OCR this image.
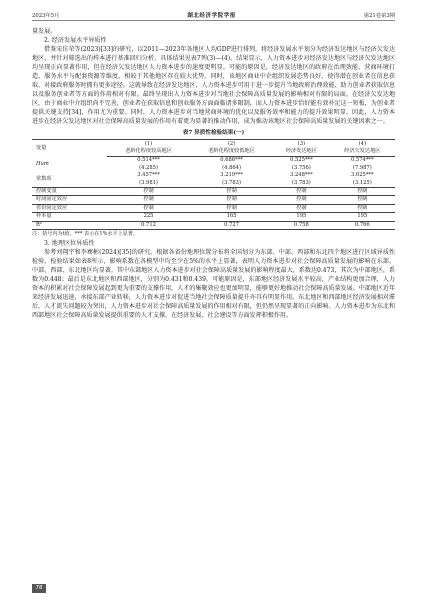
2023年5月	湖北经济学院学报	第21卷第3期

量发展。

2. 经济发展水平异质性

借鉴宋佳荣等(2023)[33]的研究，以2011—2023年各地区人均GDP进行排列，将经济发展水平划分为经济发达地区与经济欠发达地区，并针对筛选出的样本进行基准回归分析，具体结果见表7列(3)—(4)。结果显示，人力资本进步对经济发达地区与经济欠发达地区均呈现正向显著作用，但在经济欠发达地区人力资本进步的速度更明显。可能的原因是，经济发达地区的政府在治理效能、营商环境打造、服务水平与配套资源等维度，相较于其他地区存在较大优势。同时，该地区商业中企组织发展态势良好，使得潜在创业者在信息获取、对接政府服务时拥有更多途径。这就导致在经济发达地区，人力资本进步可用于进一步提升当地政府治理效能、助力创业者获取信息以及服务创业者等方面的作用相对有限。最终呈现出人力资本进步对当地社会保障高质量发展的影响相对有限的局面。在经济欠发达地区，由于商业中介组织尚不完善，创业者在获取信息和创业服务方面面临诸多限制，而人力资本进步恰好能有效补足这一短板，为创业者提供关键支持[34]，作用尤为重要。同时，人力资本进步对当地营商环境的优化以及服务效率和能力的提升效果明显。因此，人力资本进步在经济欠发达地区对社会保障高质量发展的作用有着更为显著的推动作用，成为推动该地区社会保障高质量发展的关键因素之一。

表7 异质性检验结果(一)
变量	(1)	(2)	(3)	(4)
	老龄化程度较高地区	老龄化程度较低地区	经济发达地区	经济欠发达地区
Hum	0.514***	0.686***	0.525***	0.574***
	(4.285)	(4.864)	(3.756)	(7.987)
常数项	3.457***	3.219***	3.248***	3.025***
	(3.981)	(3.783)	(3.783)	(3.125)
控制变量	控制	控制	控制	控制
时间固定效应	控制	控制	控制	控制
省份固定效应	控制	控制	控制	控制
样本量	225	165	195	195
R²	0.712	0.727	0.758	0.766
注：括号内为t值，*** 表示在1%水平上显著。
3. 地理区位异质性

参考刘翔宇和李骞彬(2024)[35]的研究，根据各省份地理位置分布将全国划分为东部、中部、西部和东北四个地区进行区域异质性检验。检验结果如表8所示，影响系数在各模型中均至少在5%的水平上显著，表明人力资本进步对社会保障高质量发展的影响在东部、中部、西部、东北地区均显著。其中东部地区人力资本进步对社会保障高质量发展的影响程度最大，系数达0.473，其次为中部地区，系数为0.448；最后是东北地区和西部地区，分别为0.431和0.439。可能原因是，东部地区经济发展水平较高，产业结构更加合理，人力资本的积累对社会保障发展起到更为重要的支撑作用，人才的集聚效应也更加明显，能够更好地推动社会保障高质量发展。中部地区近年来经济发展迅速，承接东部产业转移，人力资本进步对促进当地社会保障质量提升亦具有明显作用。东北地区和西部地区经济发展相对滞后，人才流失问题较为突出，人力资本进步对社会保障高质量发展的作用相对有限，但仍然呈现显著的正向影响。人力资本进步为东北和西部地区社会保障高质量发展提供重要的人才支撑，在经济发展、社会建设等方面发挥积极作用。

78
